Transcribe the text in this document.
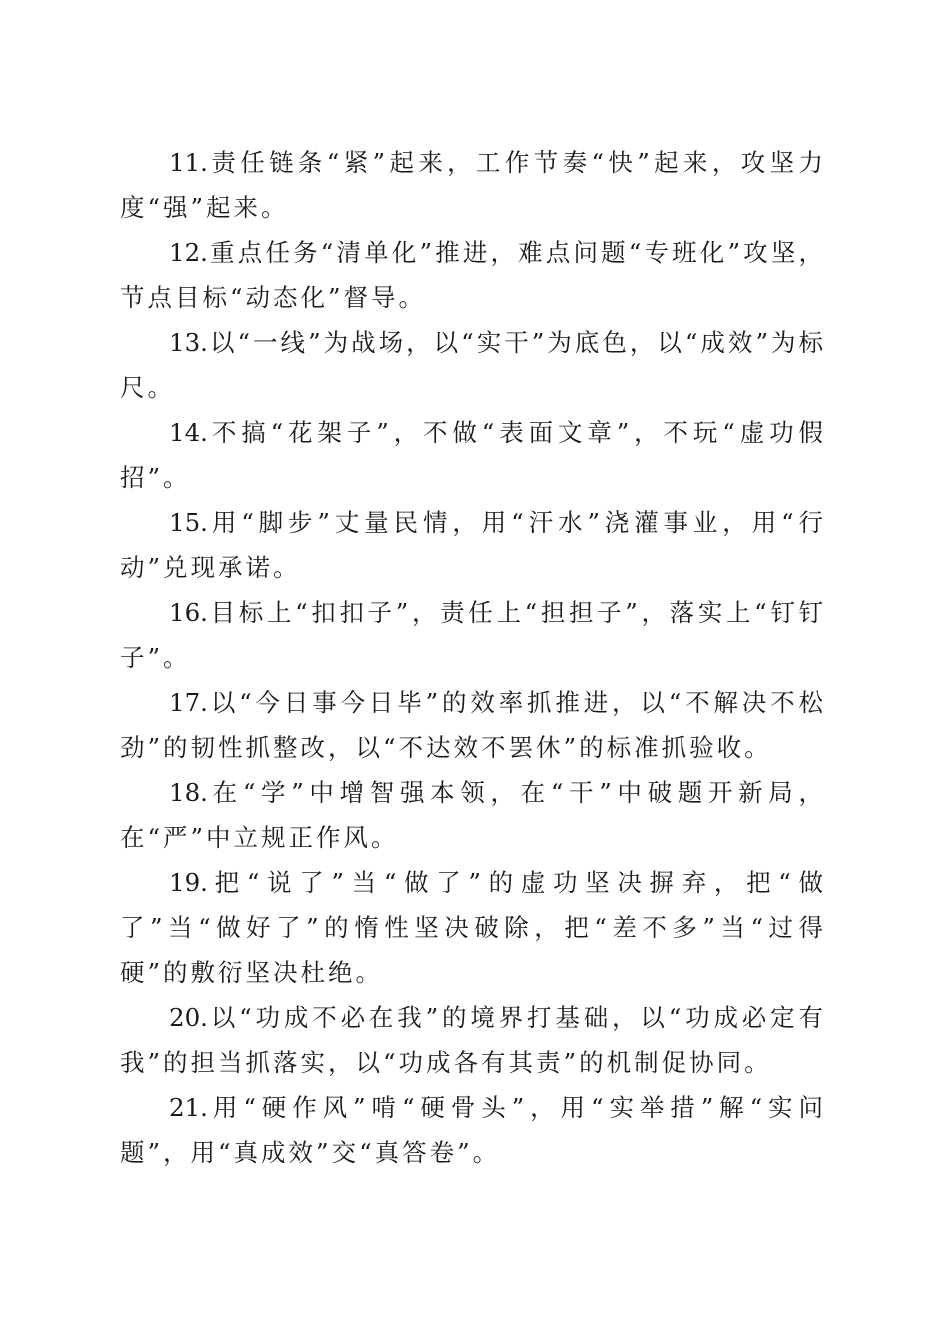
11.责任链条“紧”起来，工作节奏“快”起来，攻坚力度“强”起来。

12.重点任务“清单化”推进，难点问题“专班化”攻坚，节点目标“动态化”督导。

13.以“一线”为战场，以“实干”为底色，以“成效”为标尺。

14.不搞“花架子”，不做“表面文章”，不玩“虚功假招”。

15.用“脚步”丈量民情，用“汗水”浇灌事业，用“行动”兑现承诺。

16.目标上“扣扣子”，责任上“担担子”，落实上“钉钉子”。

17.以“今日事今日毕”的效率抓推进，以“不解决不松劲”的韧性抓整改，以“不达效不罢休”的标准抓验收。

18.在“学”中增智强本领，在“干”中破题开新局，在“严”中立规正作风。

19.把“说了”当“做了”的虚功坚决摒弃，把“做了”当“做好了”的惰性坚决破除，把“差不多”当“过得硬”的敷衍坚决杜绝。

20.以“功成不必在我”的境界打基础，以“功成必定有我”的担当抓落实，以“功成各有其责”的机制促协同。

21.用“硬作风”啃“硬骨头”，用“实举措”解“实问题”，用“真成效”交“真答卷”。
